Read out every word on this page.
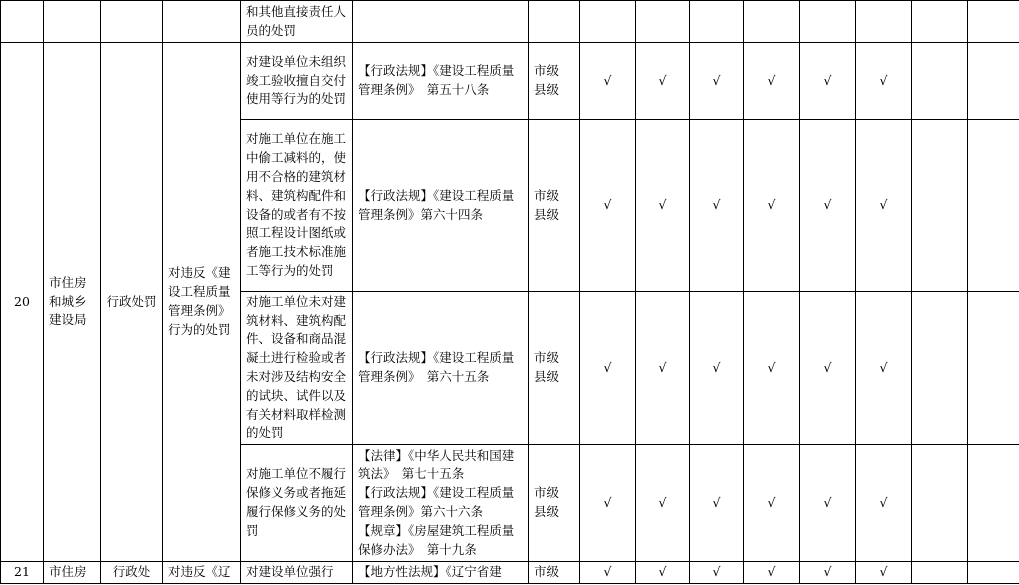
				和其他直接责任人员的处罚										
20	市住房和城乡建设局	行政处罚	对违反《建设工程质量管理条例》行为的处罚	对建设单位未组织竣工验收擅自交付使用等行为的处罚	【行政法规】《建设工程质量管理条例》　第五十八条	市级
县级	√	√	√	√	√	√		
				对施工单位在施工中偷工减料的，使用不合格的建筑材料、建筑构配件和设备的或者有不按照工程设计图纸或者施工技术标准施工等行为的处罚	【行政法规】《建设工程质量管理条例》第六十四条	市级
县级	√	√	√	√	√	√		
				对施工单位未对建筑材料、建筑构配件、设备和商品混凝土进行检验或者未对涉及结构安全的试块、试件以及有关材料取样检测的处罚	【行政法规】《建设工程质量管理条例》　第六十五条	市级
县级	√	√	√	√	√	√		
				对施工单位不履行保修义务或者拖延履行保修义务的处罚	【法律】《中华人民共和国建筑法》　第七十五条
【行政法规】《建设工程质量管理条例》第六十六条
【规章】《房屋建筑工程质量保修办法》　第十九条	市级
县级	√	√	√	√	√	√		
21	市住房	行政处	对违反《辽	对建设单位强行	【地方性法规】《辽宁省建	市级	√	√	√	√	√	√		
